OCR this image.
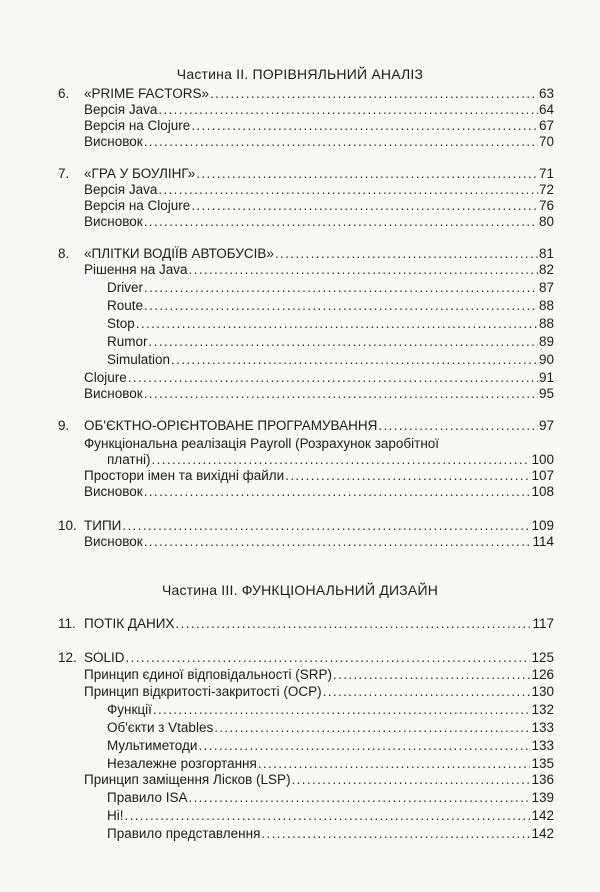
Частина II. ПОРІВНЯЛЬНИЙ АНАЛІЗ
6.	«PRIME FACTORS» . . .	63
Версія Java . . .	64
Версія на Clojure . . .	67
Висновок . . .	70
7.	«ГРА У БОУЛІНГ» . . .	71
Версія Java . . .	72
Версія на Clojure . . .	76
Висновок . . .	80
8.	«ПЛІТКИ ВОДІЇВ АВТОБУСІВ» . . .	81
Рішення на Java . . .	82
Driver . . .	87
Route . . .	88
Stop . . .	88
Rumor . . .	89
Simulation . . .	90
Clojure . . .	91
Висновок . . .	95
9.	ОБ'ЄКТНО-ОРІЄНТОВАНЕ ПРОГРАМУВАННЯ . . .	97
Функціональна реалізація Payroll (Розрахунок заробітної
платні) . . .	100
Простори імен та вихідні файли . . .	107
Висновок . . .	108
10. ТИПИ . . .	109
Висновок . . .	114
Частина III. ФУНКЦІОНАЛЬНИЙ ДИЗАЙН
11. ПОТІК ДАНИХ . . .	117
12. SOLID . . .	125
Принцип єдиної відповідальності (SRP) . . .	126
Принцип відкритості-закритості (OCP) . . .	130
Функції . . .	132
Об'єкти з Vtables . . .	133
Мультиметоди . . .	133
Незалежне розгортання . . .	135
Принцип заміщення Лісков (LSP) . . .	136
Правило ISA . . .	139
Ні! . . .	142
Правило представлення . . .	142
